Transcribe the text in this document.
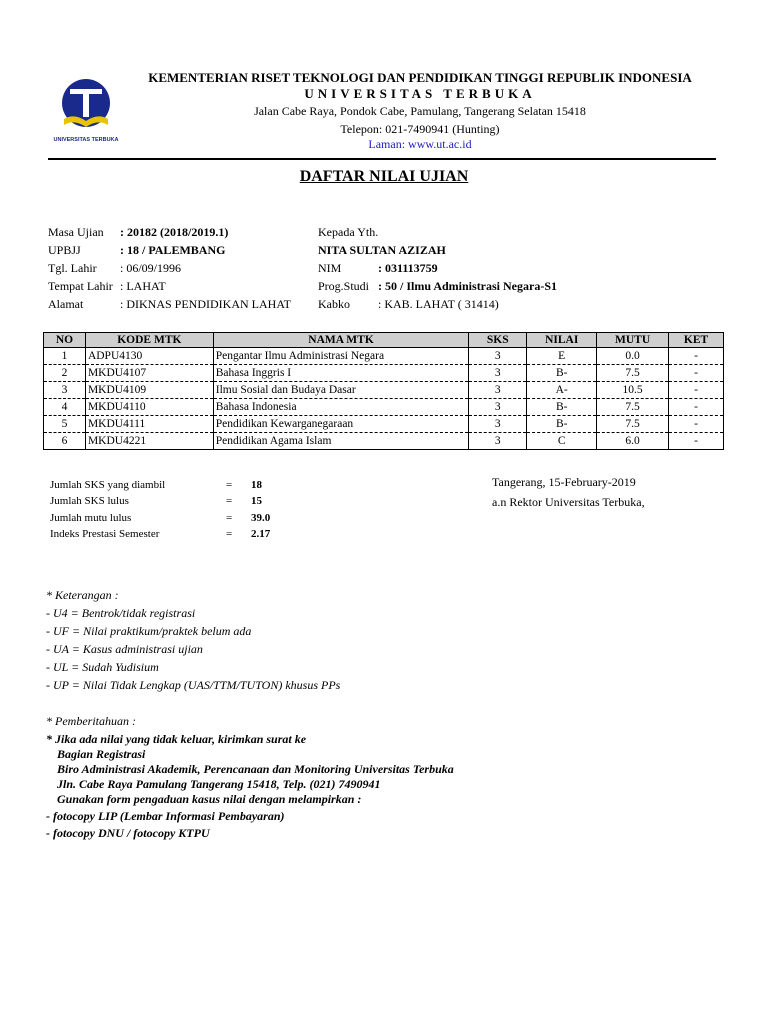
UNIVERSITAS TERBUKA
KEMENTERIAN RISET TEKNOLOGI DAN PENDIDIKAN TINGGI REPUBLIK INDONESIA
UNIVERSITAS TERBUKA
Jalan Cabe Raya, Pondok Cabe, Pamulang, Tangerang Selatan 15418
Telepon: 021-7490941 (Hunting)
Laman: www.ut.ac.id
DAFTAR NILAI UJIAN
Masa Ujian : 20182 (2018/2019.1)
UPBJJ	: 18 / PALEMBANG
Tgl. Lahir : 06/09/1996
Tempat Lahir : LAHAT
Alamat	: DIKNAS PENDIDIKAN LAHAT
Kepada Yth.
NITA SULTAN AZIZAH
NIM	: 031113759
Prog.Studi : 50 / Ilmu Administrasi Negara-S1
Kabko : KAB. LAHAT ( 31414)
NO	KODE MTK	NAMA MTK	SKS	NILAI	MUTU	KET
1	ADPU4130	Pengantar Ilmu Administrasi Negara	3	E	0.0	-
2	MKDU4107	Bahasa Inggris I	3	B-	7.5	-
3	MKDU4109	Ilmu Sosial dan Budaya Dasar	3	A-	10.5	-
4	MKDU4110	Bahasa Indonesia	3	B-	7.5	-
5	MKDU4111	Pendidikan Kewarganegaraan	3	B-	7.5	-
6	MKDU4221	Pendidikan Agama Islam	3	C	6.0	-
Jumlah SKS yang diambil	= 18
Jumlah SKS lulus	= 15
Jumlah mutu lulus	= 39.0
Indeks Prestasi Semester	= 2.17
Tangerang, 15-February-2019
a.n Rektor Universitas Terbuka,
* Keterangan :
- U4 = Bentrok/tidak registrasi
- UF = Nilai praktikum/praktek belum ada
- UA = Kasus administrasi ujian
- UL = Sudah Yudisium
- UP = Nilai Tidak Lengkap (UAS/TTM/TUTON) khusus PPs
* Pemberitahuan :
* Jika ada nilai yang tidak keluar, kirimkan surat ke
Bagian Registrasi
Biro Administrasi Akademik, Perencanaan dan Monitoring Universitas Terbuka
Jln. Cabe Raya Pamulang Tangerang 15418, Telp. (021) 7490941
Gunakan form pengaduan kasus nilai dengan melampirkan :
- fotocopy LIP (Lembar Informasi Pembayaran)
- fotocopy DNU / fotocopy KTPU
